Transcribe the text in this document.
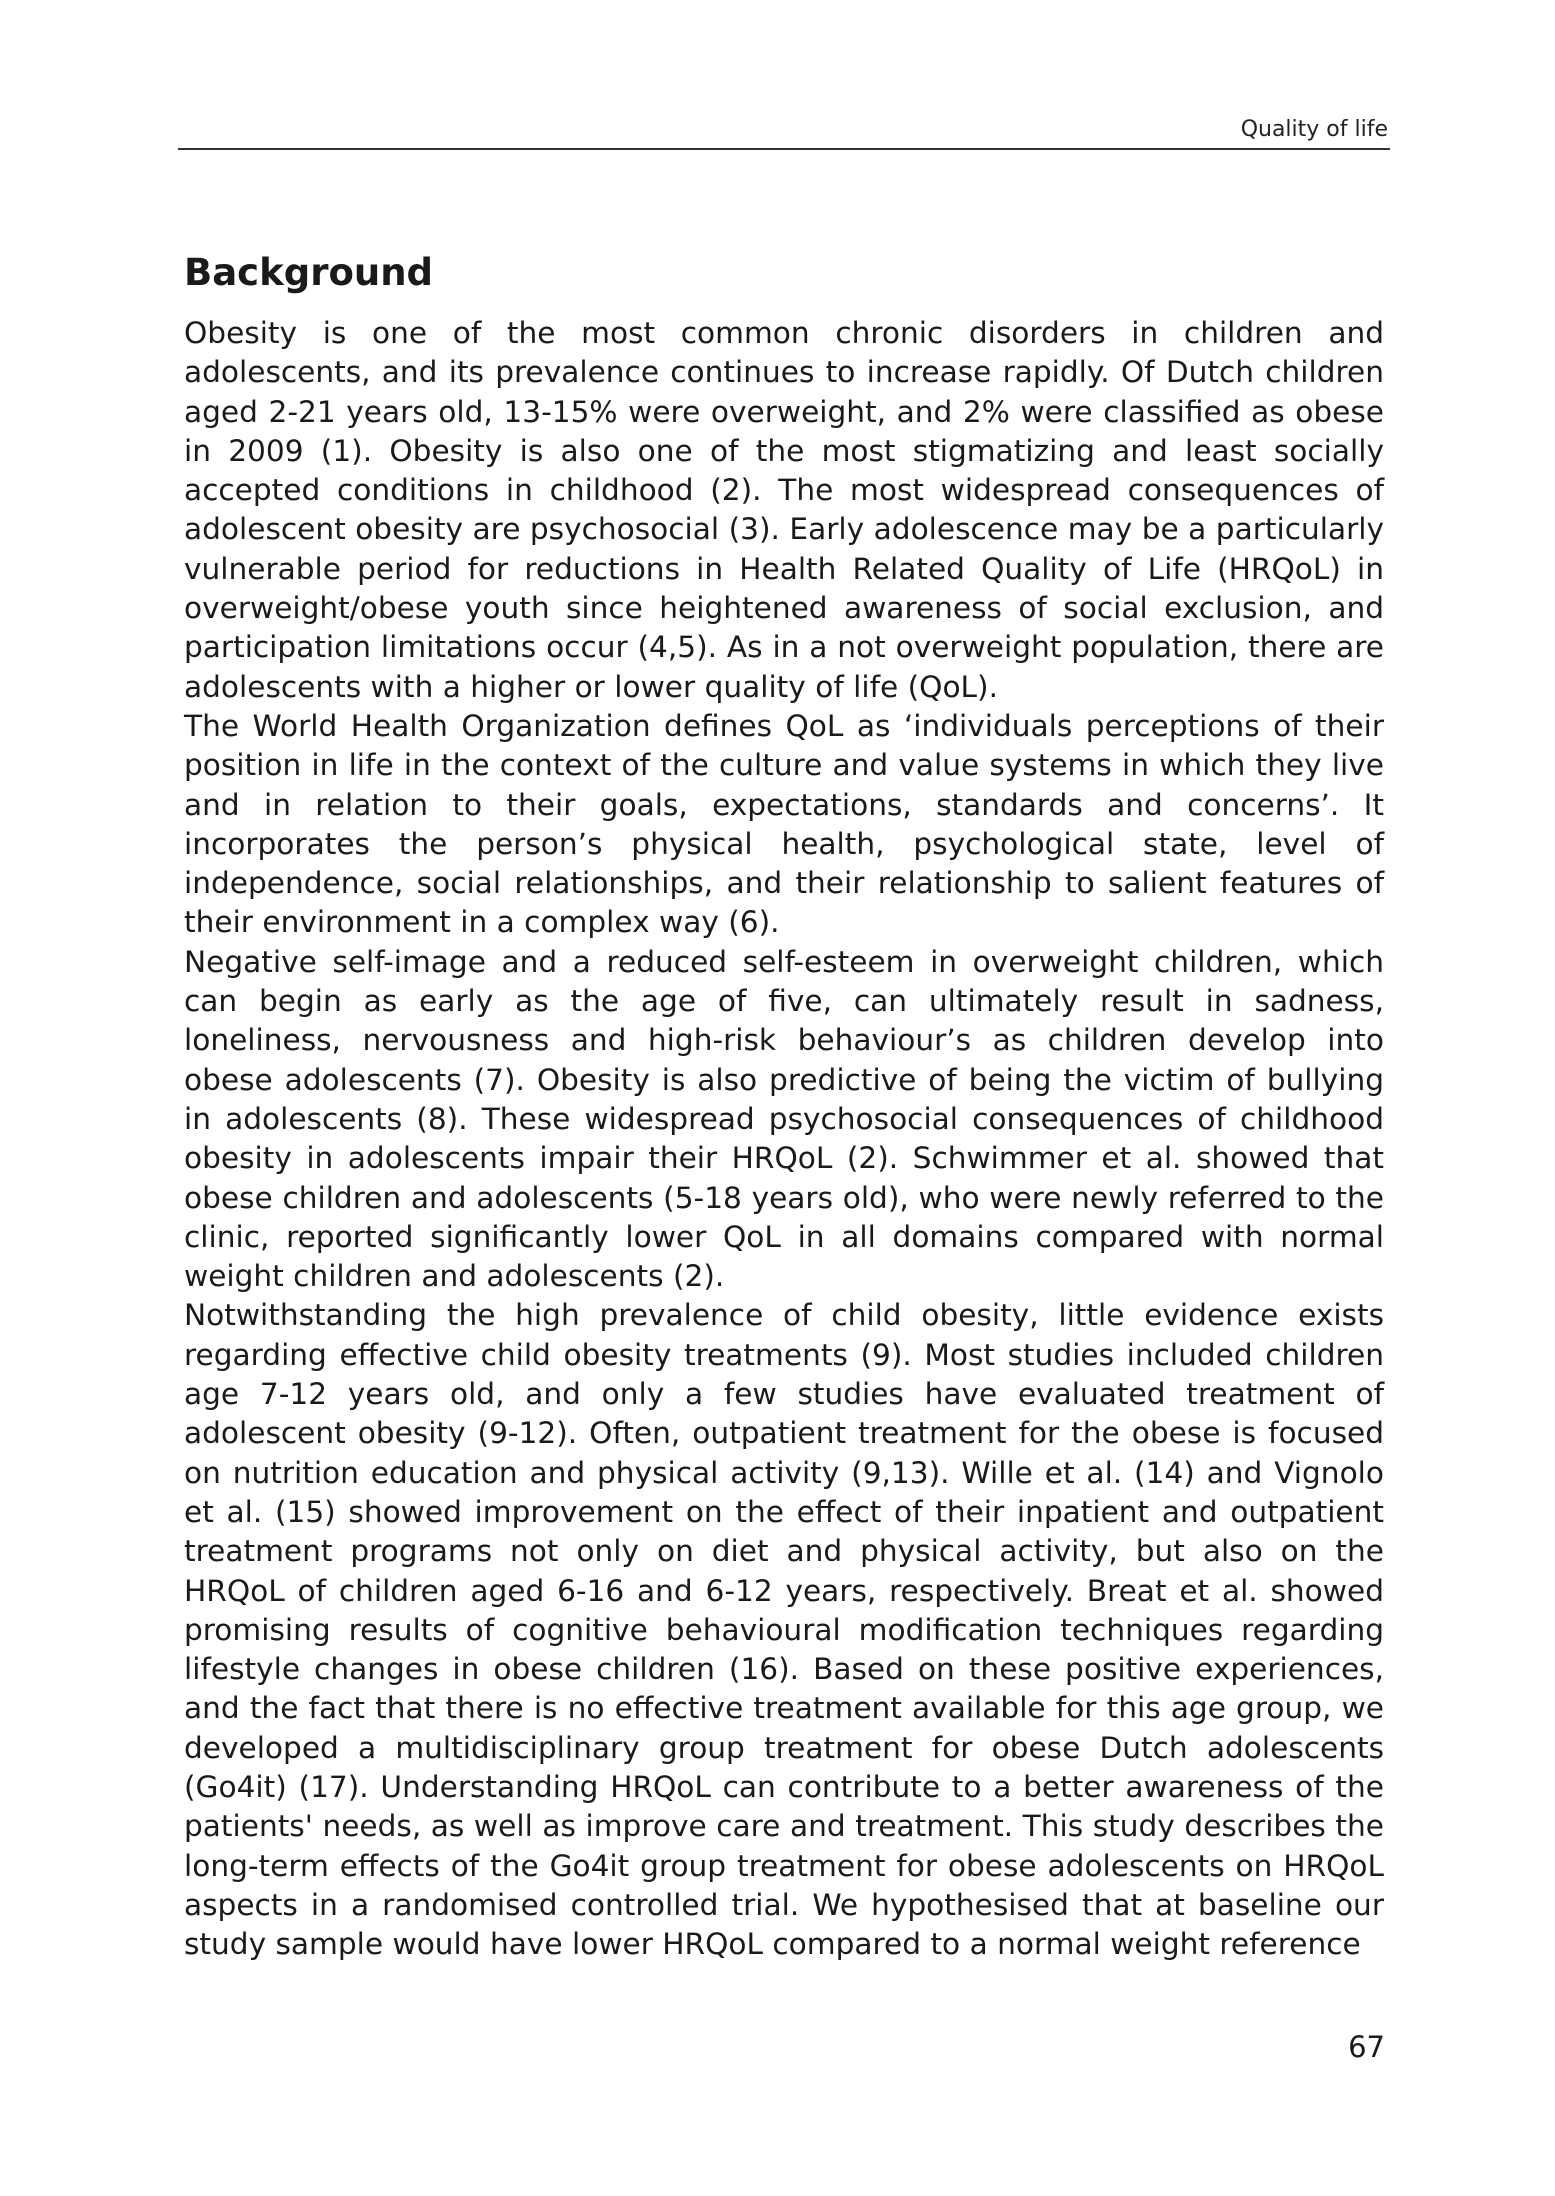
Quality of life
Background

Obesity is one of the most common chronic disorders in children and adolescents, and its prevalence continues to increase rapidly. Of Dutch children aged 2-21 years old, 13-15% were overweight, and 2% were classified as obese in 2009 (1). Obesity is also one of the most stigmatizing and least socially accepted conditions in childhood (2). The most widespread consequences of adolescent obesity are psychosocial (3). Early adolescence may be a particularly vulnerable period for reductions in Health Related Quality of Life (HRQoL) in overweight/obese youth since heightened awareness of social exclusion, and participation limitations occur (4,5). As in a not overweight population, there are adolescents with a higher or lower quality of life (QoL).

The World Health Organization defines QoL as ‘individuals perceptions of their position in life in the context of the culture and value systems in which they live and in relation to their goals, expectations, standards and concerns’. It incorporates the person’s physical health, psychological state, level of independence, social relationships, and their relationship to salient features of their environment in a complex way (6).

Negative self-image and a reduced self-esteem in overweight children, which can begin as early as the age of five, can ultimately result in sadness, loneliness, nervousness and high-risk behaviour’s as children develop into obese adolescents (7). Obesity is also predictive of being the victim of bullying in adolescents (8). These widespread psychosocial consequences of childhood obesity in adolescents impair their HRQoL (2). Schwimmer et al. showed that obese children and adolescents (5-18 years old), who were newly referred to the clinic, reported significantly lower QoL in all domains compared with normal weight children and adolescents (2).

Notwithstanding the high prevalence of child obesity, little evidence exists regarding effective child obesity treatments (9). Most studies included children age 7-12 years old, and only a few studies have evaluated treatment of adolescent obesity (9-12). Often, outpatient treatment for the obese is focused on nutrition education and physical activity (9,13). Wille et al. (14) and Vignolo et al. (15) showed improvement on the effect of their inpatient and outpatient treatment programs not only on diet and physical activity, but also on the HRQoL of children aged 6-16 and 6-12 years, respectively. Breat et al. showed promising results of cognitive behavioural modification techniques regarding lifestyle changes in obese children (16). Based on these positive experiences, and the fact that there is no effective treatment available for this age group, we developed a multidisciplinary group treatment for obese Dutch adolescents (Go4it) (17). Understanding HRQoL can contribute to a better awareness of the patients' needs, as well as improve care and treatment. This study describes the long-term effects of the Go4it group treatment for obese adolescents on HRQoL aspects in a randomised controlled trial. We hypothesised that at baseline our study sample would have lower HRQoL compared to a normal weight reference

67
